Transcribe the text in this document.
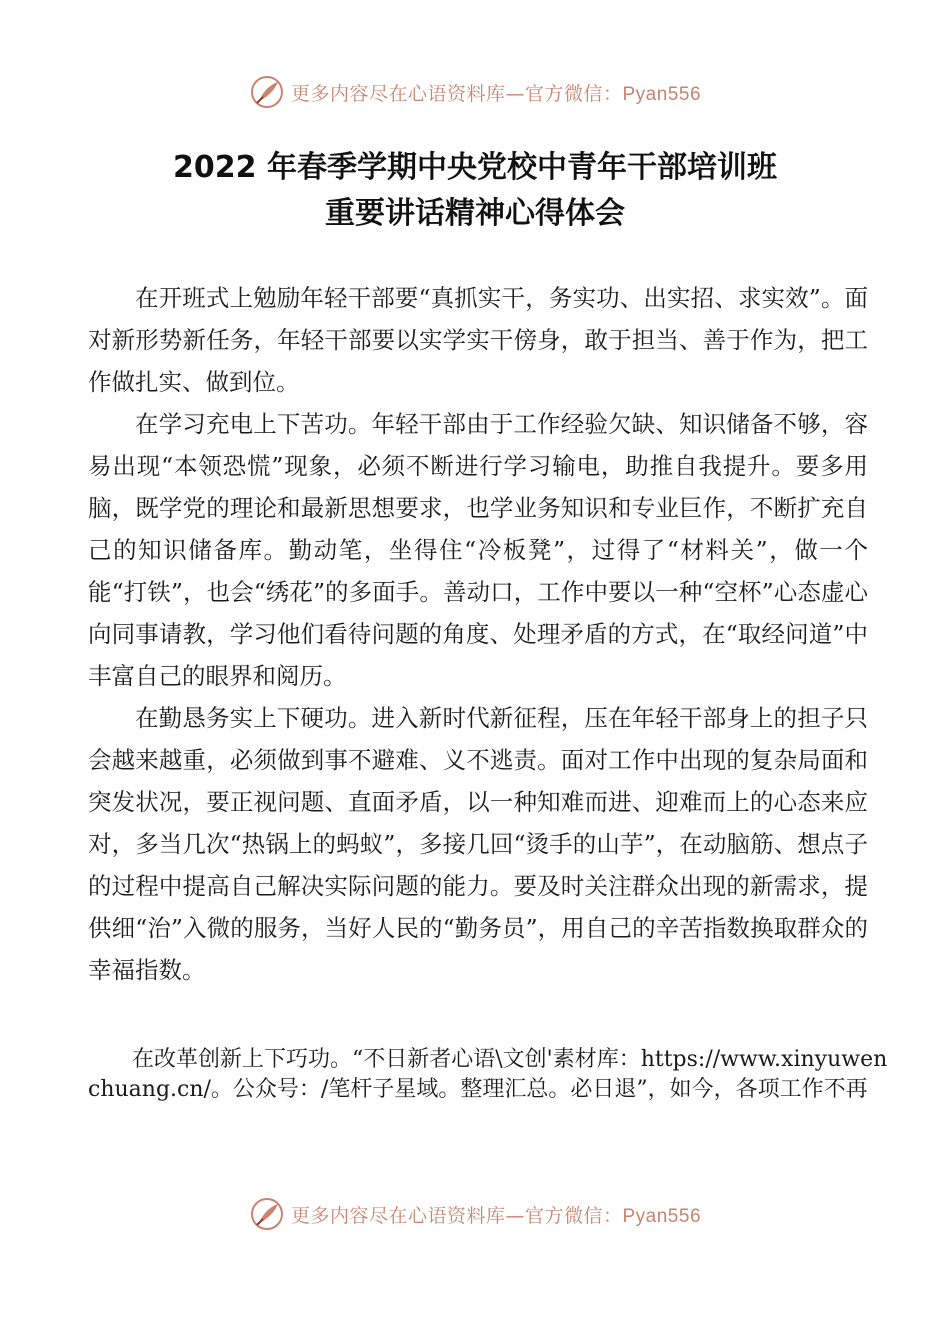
更多内容尽在心语资料库—官方微信：Pyan556
2022 年春季学期中央党校中青年干部培训班
重要讲话精神心得体会

在开班式上勉励年轻干部要“真抓实干，务实功、出实招、求实效”。面对新形势新任务，年轻干部要以实学实干傍身，敢于担当、善于作为，把工作做扎实、做到位。

在学习充电上下苦功。年轻干部由于工作经验欠缺、知识储备不够，容易出现“本领恐慌”现象，必须不断进行学习输电，助推自我提升。要多用脑，既学党的理论和最新思想要求，也学业务知识和专业巨作，不断扩充自己的知识储备库。勤动笔，坐得住“冷板凳”，过得了“材料关”，做一个能“打铁”，也会“绣花”的多面手。善动口，工作中要以一种“空杯”心态虚心向同事请教，学习他们看待问题的角度、处理矛盾的方式，在“取经问道”中丰富自己的眼界和阅历。

在勤恳务实上下硬功。进入新时代新征程，压在年轻干部身上的担子只会越来越重，必须做到事不避难、义不逃责。面对工作中出现的复杂局面和突发状况，要正视问题、直面矛盾，以一种知难而进、迎难而上的心态来应对，多当几次“热锅上的蚂蚁”，多接几回“烫手的山芋”，在动脑筋、想点子的过程中提高自己解决实际问题的能力。要及时关注群众出现的新需求，提供细“治”入微的服务，当好人民的“勤务员”，用自己的辛苦指数换取群众的幸福指数。

在改革创新上下巧功。“不日新者心语\文创'素材库：https://www.xinyuwenchuang.cn/。公众号：/笔杆子星域。整理汇总。必日退”，如今，各项工作不再
更多内容尽在心语资料库—官方微信：Pyan556
